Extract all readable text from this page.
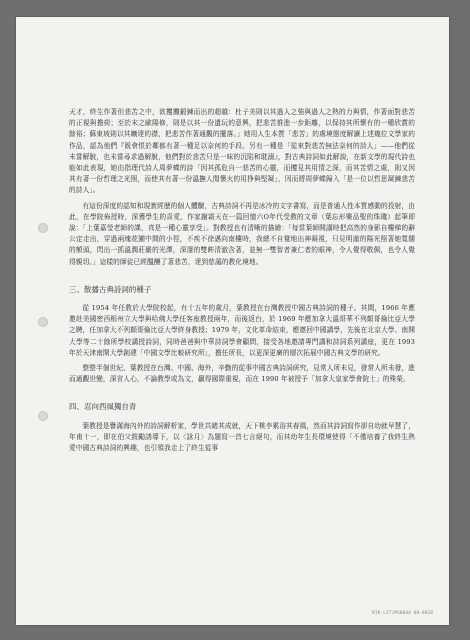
天才，終生作著但悲苦之中，欲攫攤鍛鍊而出的超越：杜子美則以其過人之強與過人之熱的力與情，作著面對悲苦的正視與擔荷；至於末之歐陽修，則是以其一份遺玩的意興，把悲苦推進一步距離，以保持其所懷有的一種欣賞的餘裕；蘇東坡則以其曠達的襟，把悲苦作著通觀的擺落。」她用人生本質「悲苦」的處境態度解讀上述幾位文學家的作品，認為他們『既會恨於鄰都有著一種足以奈何的手段。另有一種是「從來對悲苦無法奈何的詩人」——他們從未嘗解脫，也未嘗尋求過解脫，他們對於悲苦只是一味的沉陷和耽溺』，對古典詩詞如此解說，在新文學的現代詩也能如此表現，她由指理代詩人周夢蝶的詩「因其孤危自一悲苦的心靈，而攫見其用情之深，而其苦情之處，則又因其有著一份哲理之光照，而使其有著一份溫撫人閒懷火的用挣與堅凝」，因而將周夢蝶歸入「是一位以哲思凝鍊悲苦的詩人」。

有這份深度的認知和現實經歷的個人體驗，古典詩詞不再是冰冷的文字書寫，而是普通人性本質感動的投射，由此，在學院佈授時，深獲學生的喜愛，作家謝霜天在一篇回憶六O年代受教的文章（葉忘形樂品聖的珠璣）起筆即說：「上葉嘉瑩老師的課，真是一種心靈享受」。對教授也有清晰的描繪：「每當葉師開講時把高然的身影自樓梯的辭公定走出，穿過兩塊花圃中間的小徑，不疾不徐邁向南樓時，我總不自覺地出神凝視，只見明澈的陽光照著她寬闊的額頭，閃出一抓溫潤莊嚴的光澤，深邃的雙眸清澈含著，並無一雙智者兼仁者的眼神，令人覺得敬佩，也令人覺得親切。」這樣的師徒已經醞釀了著悲苦，達到慈藹的教化境地。

三、散播古典詩詞的種子

從 1954 年任教於大學院校起，有十五年的歲月，葉教授在台灣教授中國古典詩詞的種子。其間，1966 年應邀赴美國密西根州立大學與哈佛大學任客座教授兩年，而後返台，於 1969 年應加拿大溫哥華不列顛哥倫比亞大學之聘，任加拿大不列顛哥倫比亞大學終身教授；1979 年，文化革命結束，應邀回中國講學，先後在北京大學、南開大學等二十餘所學校講授詩詞，同時爸爸與中華詩詞學會顧問，接受各地邀請專門講和詩詞系列講座，更在 1993 年於天津南開大學創建「中國文學比較研究所」，擔任所長，以更深更廣的層次拓展中國古典文學的研究。

整整半個世紀，葉教授在台灣、中國、海外，辛勤的從事中國古典詩詞研究，見常人所未見，發常人所未發，進而通觀世變，深省人心，不論教學或為文，贏得國際重視，而在 1990 年被授予「加拿大皇家學會院士」的殊榮。

四、忍向西風獨自青

葉教授是譽滿海內外的詩詞解析家，學世共睹其成就，天下桃李累浴其春風，然而其詩詞寫作卻自幼就早慧了，年甫十一，即在伯父鼓勵誘導下，以〈詠月〉為題寫一首七言絕句，而其幼年生長環境使得「不僅培養了我終生熱愛中國古典詩詞的興趣，也引領我走上了終生從事

NTK-LIT/MS0044 08-0018
